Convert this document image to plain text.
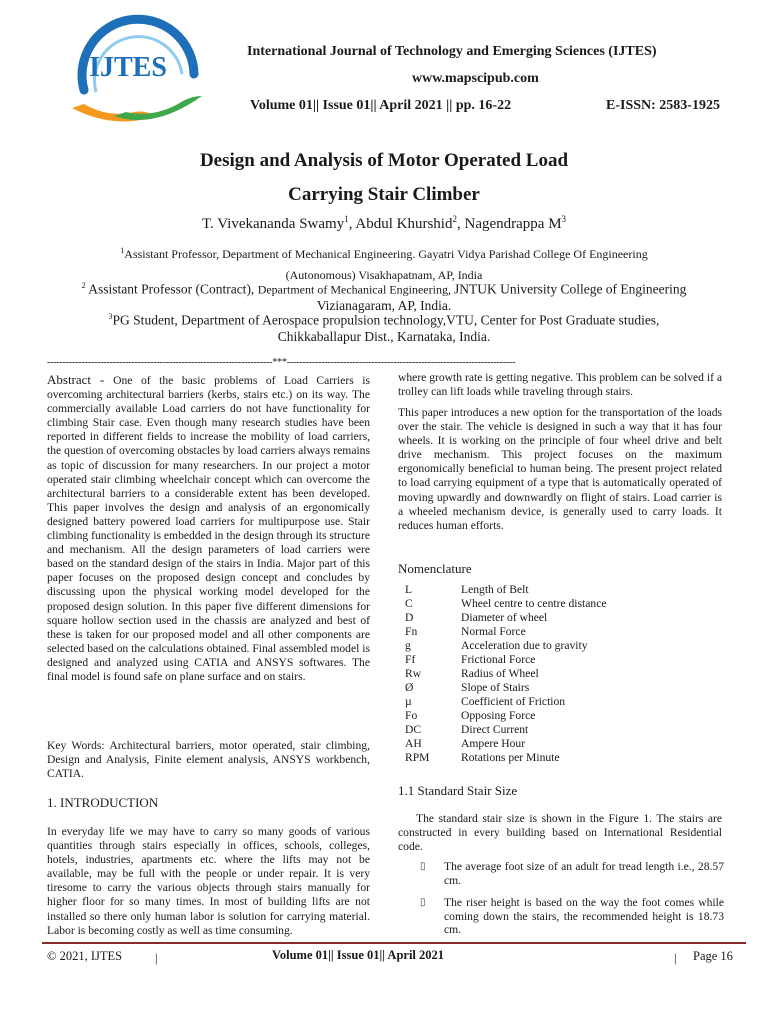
IJTES
International Journal of Technology and Emerging Sciences (IJTES)
www.mapscipub.com
Volume 01|| Issue 01|| April 2021 || pp. 16-22	E-ISSN: 2583-1925
Design and Analysis of Motor Operated Load
Carrying Stair Climber
T. Vivekananda Swamy$^1$, Abdul Khurshid$^2$, Nagendrappa $M^3$
$^1$Assistant Professor, Department of Mechanical Engineering. Gayatri Vidya Parishad College Of Engineering
(Autonomous) Visakhapatnam, AP, India
$^2$ Assistant Professor (Contract), Department of Mechanical Engineering, JNTUK University College of Engineering
Vizianagaram, AP, India.
$^3$PG Student, Department of Aerospace propulsion technology,VTU, Center for Post Graduate studies,
Chikkaballapur Dist., Karnataka, India.
------------------------------------------------------------------------***-------------------------------------------------------------------------

Abstract - One of the basic problems of Load Carriers is overcoming architectural barriers (kerbs, stairs etc.) on its way. The commercially available Load carriers do not have functionality for climbing Stair case. Even though many research studies have been reported in different fields to increase the mobility of load carriers, the question of overcoming obstacles by load carriers always remains as topic of discussion for many researchers. In our project a motor operated stair climbing wheelchair concept which can overcome the architectural barriers to a considerable extent has been developed. This paper involves the design and analysis of an ergonomically designed battery powered load carriers for multipurpose use. Stair climbing functionality is embedded in the design through its structure and mechanism. All the design parameters of load carriers were based on the standard design of the stairs in India. Major part of this paper focuses on the proposed design concept and concludes by discussing upon the physical working model developed for the proposed design solution. In this paper five different dimensions for square hollow section used in the chassis are analyzed and best of these is taken for our proposed model and all other components are selected based on the calculations obtained. Final assembled model is designed and analyzed using CATIA and ANSYS softwares. The final model is found safe on plane surface and on stairs.

Key Words: Architectural barriers, motor operated, stair climbing, Design and Analysis, Finite element analysis, ANSYS workbench, CATIA.
1. INTRODUCTION
In everyday life we may have to carry so many goods of various quantities through stairs especially in offices, schools, colleges, hotels, industries, apartments etc. where the lifts may not be available, may be full with the people or under repair. It is very tiresome to carry the various objects through stairs manually for higher floor for so many times. In most of building lifts are not installed so there only human labor is solution for carrying material. Labor is becoming costly as well as time consuming.
where growth rate is getting negative. This problem can be solved if a trolley can lift loads while traveling through stairs.
This paper introduces a new option for the transportation of the loads over the stair. The vehicle is designed in such a way that it has four wheels. It is working on the principle of four wheel drive and belt drive mechanism. This project focuses on the maximum ergonomically beneficial to human being. The present project related to load carrying equipment of a type that is automatically operated of moving upwardly and downwardly on flight of stairs. Load carrier is a wheeled mechanism device, is generally used to carry loads. It reduces human efforts.
Nomenclature
L	Length of Belt
C	Wheel centre to centre distance
D	Diameter of wheel
Fn	Normal Force
g	Acceleration due to gravity
Ff	Frictional Force
Rw	Radius of Wheel
Ø	Slope of Stairs
µ	Coefficient of Friction
Fo	Opposing Force
DC	Direct Current
AH	Ampere Hour
RPM	Rotations per Minute
1.1 Standard Stair Size
The standard stair size is shown in the Figure 1. The stairs are constructed in every building based on International Residential code.
▯ The average foot size of an adult for tread length i.e., 28.57 cm.
▯ The riser height is based on the way the foot comes while coming down the stairs, the recommended height is 18.73 cm.
© 2021, IJTES	|	Volume 01|| Issue 01|| April 2021	| Page 16
